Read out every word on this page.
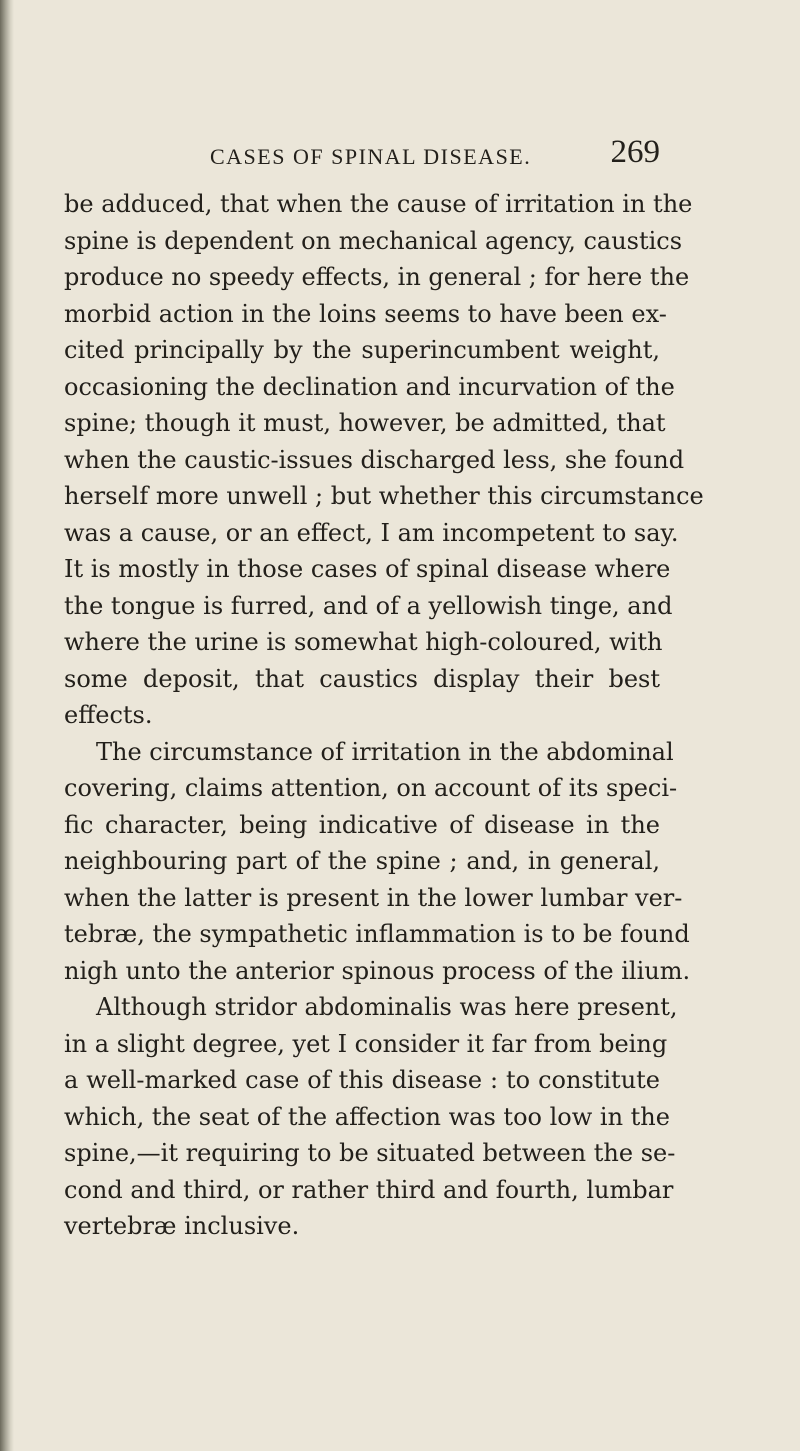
CASES OF SPINAL DISEASE. 269
be adduced, that when the cause of irritation in the
spine is dependent on mechanical agency, caustics
produce no speedy effects, in general ; for here the
morbid action in the loins seems to have been ex-
cited principally by the superincumbent weight,
occasioning the declination and incurvation of the
spine; though it must, however, be admitted, that
when the caustic-issues discharged less, she found
herself more unwell ; but whether this circumstance
was a cause, or an effect, I am incompetent to say.
It is mostly in those cases of spinal disease where
the tongue is furred, and of a yellowish tinge, and
where the urine is somewhat high-coloured, with
some deposit, that caustics display their best
effects.
The circumstance of irritation in the abdominal
covering, claims attention, on account of its speci-
fic character, being indicative of disease in the
neighbouring part of the spine ; and, in general,
when the latter is present in the lower lumbar ver-
tebræ, the sympathetic inflammation is to be found
nigh unto the anterior spinous process of the ilium.
Although stridor abdominalis was here present,
in a slight degree, yet I consider it far from being
a well-marked case of this disease : to constitute
which, the seat of the affection was too low in the
spine,—it requiring to be situated between the se-
cond and third, or rather third and fourth, lumbar
vertebræ inclusive.
